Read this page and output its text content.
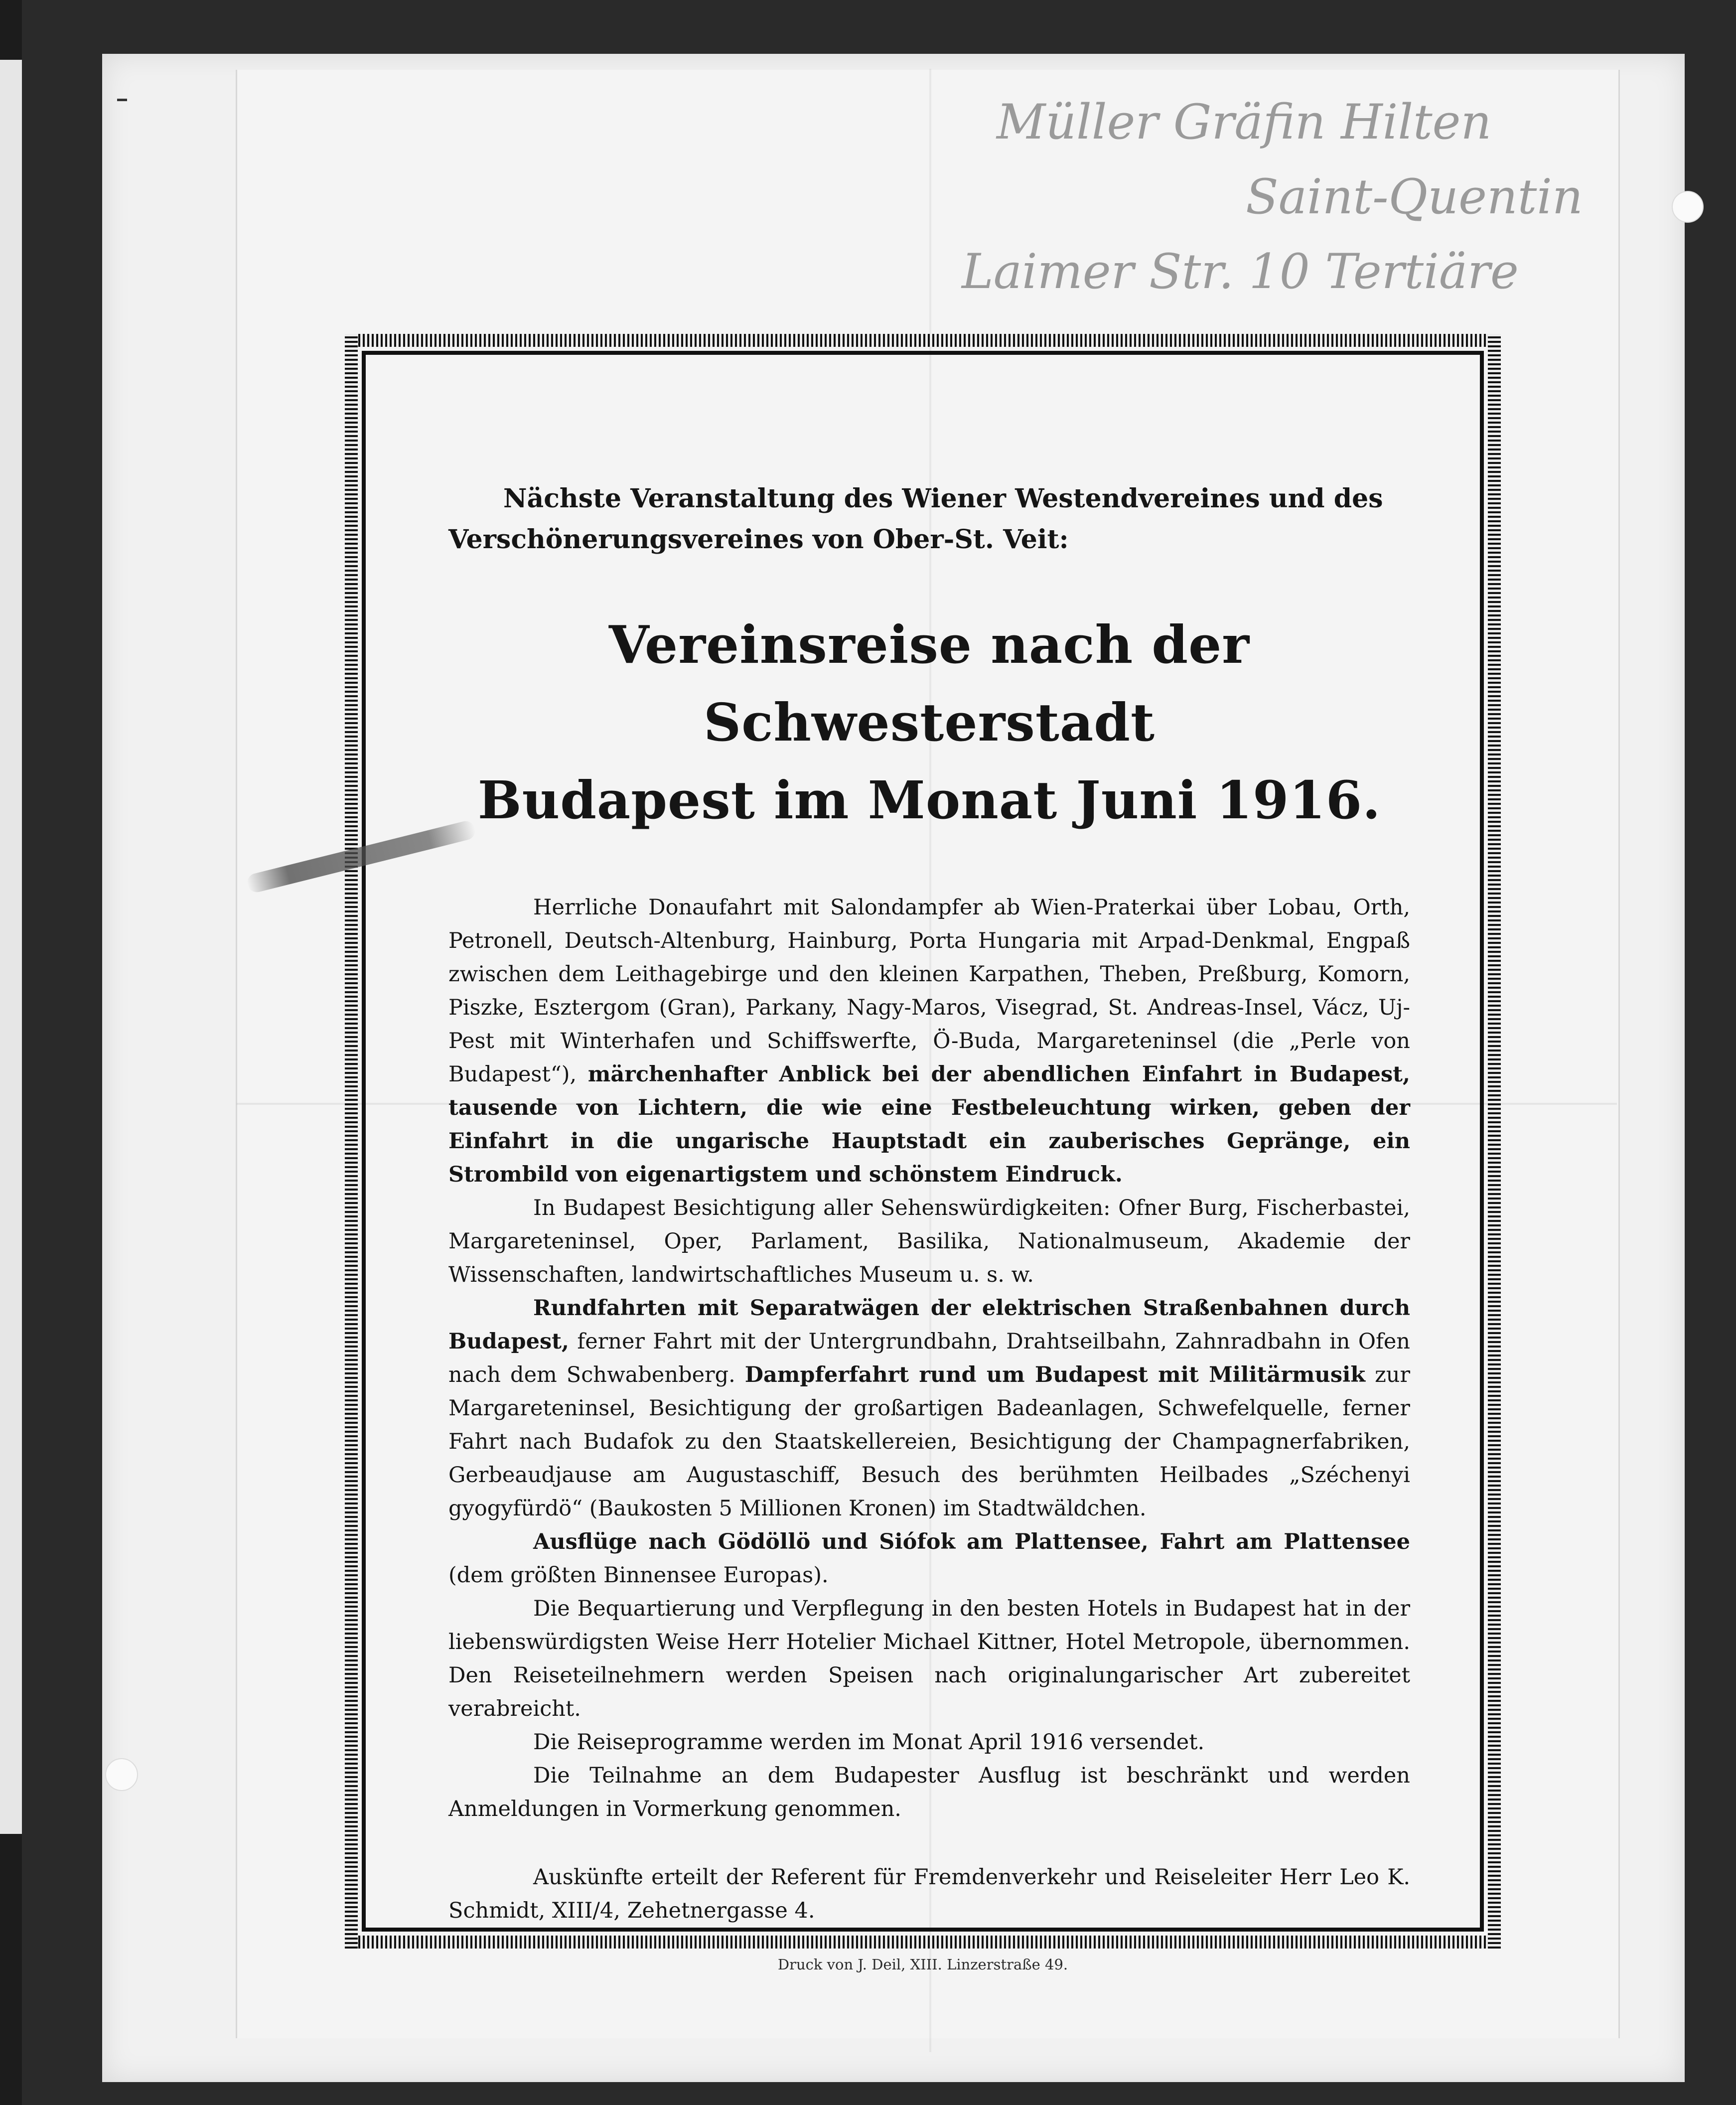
Müller Gräfin Hilten
Saint-Quentin
Laimer Str. 10 Tertiäre

Nächste Veranstaltung des Wiener Westendvereines und des Verschönerungsvereines von Ober-St. Veit:

Vereinsreise nach der Schwesterstadt
Budapest im Monat Juni 1916.

Herrliche Donaufahrt mit Salondampfer ab Wien-Praterkai über Lobau, Orth, Petronell, Deutsch-Altenburg, Hainburg, Porta Hungaria mit Arpad-Denkmal, Engpaß zwischen dem Leithagebirge und den kleinen Karpathen, Theben, Preßburg, Komorn, Piszke, Esztergom (Gran), Parkany, Nagy-Maros, Visegrad, St. Andreas-Insel, Vácz, Uj-Pest mit Winterhafen und Schiffswerfte, Ö-Buda, Margareteninsel (die „Perle von Budapest“), märchenhafter Anblick bei der abendlichen Einfahrt in Budapest, tausende von Lichtern, die wie eine Festbeleuchtung wirken, geben der Einfahrt in die ungarische Hauptstadt ein zauberisches Gepränge, ein Strombild von eigenartigstem und schönstem Eindruck.

In Budapest Besichtigung aller Sehenswürdigkeiten: Ofner Burg, Fischerbastei, Margareteninsel, Oper, Parlament, Basilika, Nationalmuseum, Akademie der Wissenschaften, landwirtschaftliches Museum u. s. w.

Rundfahrten mit Separatwägen der elektrischen Straßenbahnen durch Budapest, ferner Fahrt mit der Untergrundbahn, Drahtseilbahn, Zahnradbahn in Ofen nach dem Schwabenberg. Dampferfahrt rund um Budapest mit Militärmusik zur Margareteninsel, Besichtigung der großartigen Badeanlagen, Schwefelquelle, ferner Fahrt nach Budafok zu den Staatskellereien, Besichtigung der Champagnerfabriken, Gerbeaudjause am Augustaschiff, Besuch des berühmten Heilbades „Széchenyi gyogyfürdö“ (Baukosten 5 Millionen Kronen) im Stadtwäldchen.

Ausflüge nach Gödöllö und Siófok am Plattensee, Fahrt am Plattensee (dem größten Binnensee Europas).

Die Bequartierung und Verpflegung in den besten Hotels in Budapest hat in der liebenswürdigsten Weise Herr Hotelier Michael Kittner, Hotel Metropole, übernommen. Den Reiseteilnehmern werden Speisen nach originalungarischer Art zubereitet verabreicht.

Die Reiseprogramme werden im Monat April 1916 versendet.

Die Teilnahme an dem Budapester Ausflug ist beschränkt und werden Anmeldungen in Vormerkung genommen.

Auskünfte erteilt der Referent für Fremdenverkehr und Reiseleiter Herr Leo K. Schmidt, XIII/4, Zehetnergasse 4.

Druck von J. Deil, XIII. Linzerstraße 49.
